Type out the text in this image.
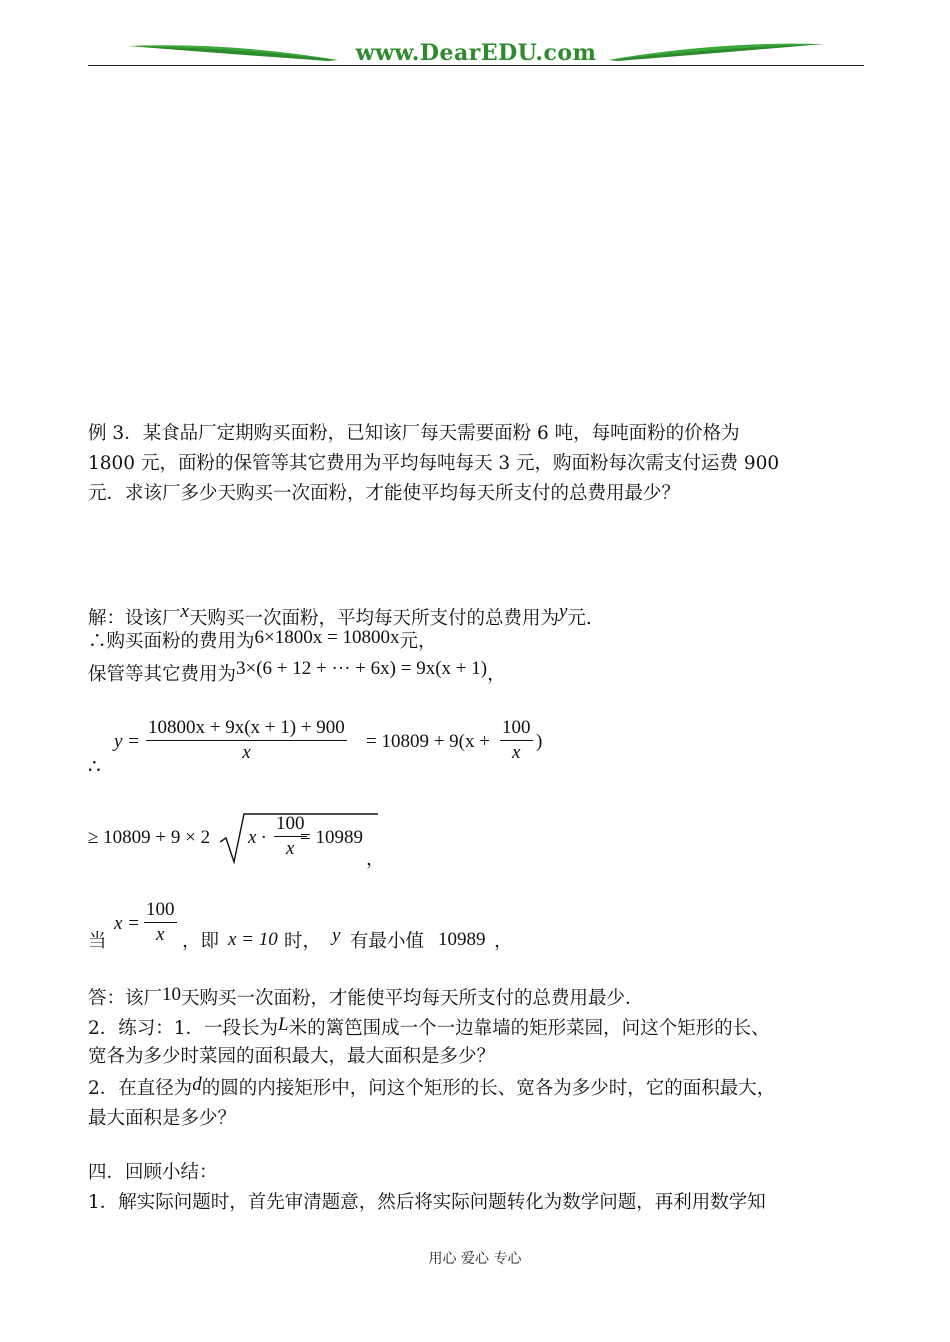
www.DearEDU.com
例 3．某食品厂定期购买面粉，已知该厂每天需要面粉 6 吨，每吨面粉的价格为
1800 元，面粉的保管等其它费用为平均每吨每天 3 元，购面粉每次需支付运费 900
元．求该厂多少天购买一次面粉，才能使平均每天所支付的总费用最少？
解：设该厂$^x$天购买一次面粉，平均每天所支付的总费用为$^y$元.
∴购买面粉的费用为6×1800x = 10800x元，
保管等其它费用为3×(6 + 12 + ··· + 6x) = 9x(x + 1)，
∴
$y = \frac{10800x + 9x(x + 1) + 900}{x} = 10809 + 9(x + \frac{100}{x}$ )
≥ 10809 + 9 × 2 $x \cdot \frac{100}{x}$
= 10989
，
当
$x = \frac{100}{x}$ ，即 x = 10 时， y 有最小值 10989 ，
答：该厂10天购买一次面粉，才能使平均每天所支付的总费用最少．
2．练习：1．一段长为L米的篱笆围成一个一边靠墙的矩形菜园，问这个矩形的长、
宽各为多少时菜园的面积最大，最大面积是多少？
2．在直径为d的圆的内接矩形中，问这个矩形的长、宽各为多少时，它的面积最大，
最大面积是多少？
四．回顾小结：
1．解实际问题时，首先审清题意，然后将实际问题转化为数学问题，再利用数学知
用心 爱心 专心
